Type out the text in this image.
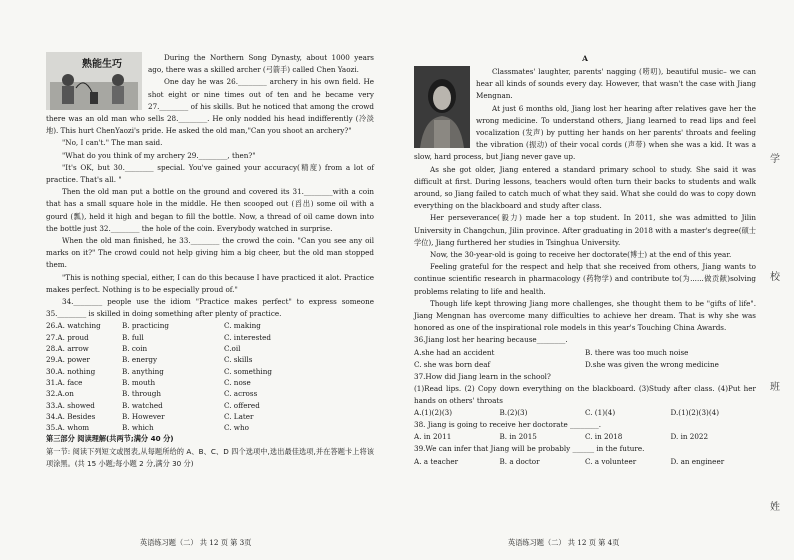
熟能生巧

During the Northern Song Dynasty, about 1000 years ago, there was a skilled archer (弓箭手) called Chen Yaozi.

One day he was 26.________ archery in his own field. He shot eight or nine times out of ten and he became very 27.________ of his skills. But he noticed that among the crowd there was an old man who sells 28.________. He only nodded his head indifferently (冷淡地). This hurt ChenYaozi's pride. He asked the old man,"Can you shoot an archery?"

"No, I can't." The man said.

"What do you think of my archery 29.________, then?"

"It's OK, but 30.________ special. You've gained your accuracy(精度) from a lot of practice. That's all. "

Then the old man put a bottle on the ground and covered its 31.________with a coin that has a small square hole in the middle. He then scooped out (舀出) some oil with a gourd (瓢), held it high and began to fill the bottle. Now, a thread of oil came down into the bottle just 32.________ the hole of the coin. Everybody watched in surprise.

When the old man finished, he 33.________ the crowd the coin. "Can you see any oil marks on it?" The crowd could not help giving him a big cheer, but the old man stopped them.

"This is nothing special, either, I can do this because I have practiced it alot. Practice makes perfect. Nothing is to be especially proud of."

34.________ people use the idiom "Practice makes perfect" to express someone 35.________ is skilled in doing something after plenty of practice.

26.A. watching	B. practicing	C. making
27.A. proud	B. full	C. interested
28.A. arrow	B. coin	C.oil
29.A. power	B. energy	C. skills
30.A. nothing	B. anything	C. something
31.A. face	B. mouth	C. nose
32.A.on	B. through	C. across
33.A. showed	B. watched	C. offered
34.A. Besides	B. However	C. Later
35.A. whom	B. which	C. who

第三部分 阅读理解(共两节;满分 40 分)

第一节: 阅读下列短文或图表,从每题所给的 A、B、C、D 四个选项中,选出最佳选项,并在答题卡上将该项涂黑。(共 15 小题;每小题 2 分,满分 30 分)

英语练习题（二） 共 12 页 第 3页
A

Classmates' laughter, parents' nagging (唠叨), beautiful music– we can hear all kinds of sounds every day. However, that wasn't the case with Jiang Mengnan.

At just 6 months old, Jiang lost her hearing after relatives gave her the wrong medicine. To understand others, Jiang learned to read lips and feel vocalization (发声) by putting her hands on her parents' throats and feeling the vibration (振动) of their vocal cords (声带) when she was a kid. It was a slow, hard process, but Jiang never gave up.

As she got older, Jiang entered a standard primary school to study. She said it was difficult at first. During lessons, teachers would often turn their backs to students and walk around, so Jiang failed to catch much of what they said. What she could do was to copy down everything on the blackboard and study after class.

Her perseverance(毅力) made her a top student. In 2011, she was admitted to Jilin University in Changchun, Jilin province. After graduating in 2018 with a master's degree(硕士学位), Jiang furthered her studies in Tsinghua University.

Now, the 30-year-old is going to receive her doctorate(博士) at the end of this year.

Feeling grateful for the respect and help that she received from others, Jiang wants to continue scientific research in pharmacology (药物学) and contribute to(为......做贡献)solving problems relating to life and health.

Though life kept throwing Jiang more challenges, she thought them to be "gifts of life". Jiang Mengnan has overcome many difficulties to achieve her dream. That is why she was honored as one of the inspirational role models in this year's Touching China Awards.

36.Jiang lost her hearing because________.

A.she had an accident	B. there was too much noise
C. she was born deaf	D.she was given the wrong medicine

37.How did Jiang learn in the school?

(1)Read lips. (2) Copy down everything on the blackboard. (3)Study after class. (4)Put her hands on others' throats

A.(1)(2)(3)	B.(2)(3)	C. (1)(4)	D.(1)(2)(3)(4)

38. Jiang is going to receive her doctorate ________.

A. in 2011	B. in 2015	C. in 2018	D. in 2022

39.We can infer that Jiang will be probably ______ in the future.

A. a teacher	B. a doctor	C. a volunteer	D. an engineer
英语练习题（二） 共 12 页 第 4页
学
校
班
姓
